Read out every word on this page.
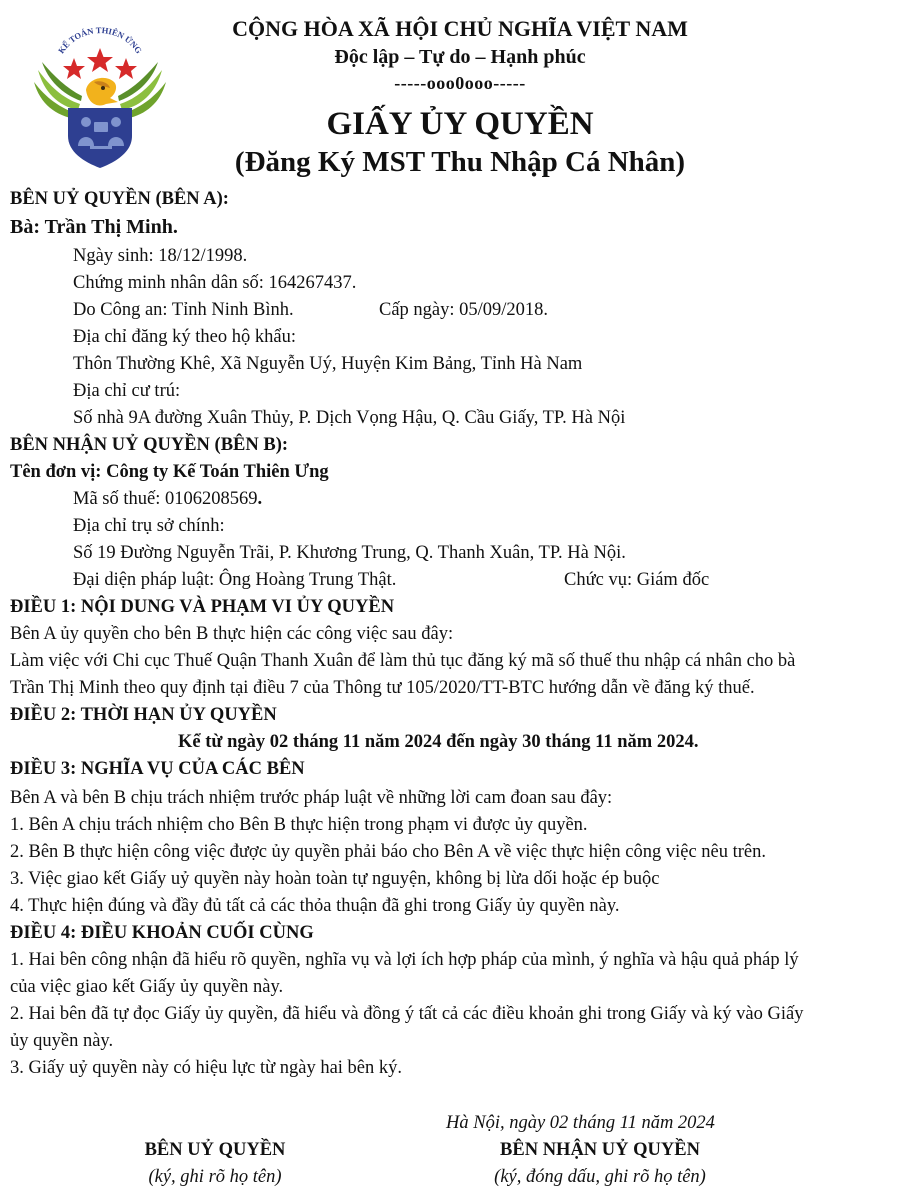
KẾ TOÁN THIÊN ỨNG
CỘNG HÒA XÃ HỘI CHỦ NGHĨA VIỆT NAM
Độc lập – Tự do – Hạnh phúc
-----ooo0ooo-----
GIẤY ỦY QUYỀN
(Đăng Ký MST Thu Nhập Cá Nhân)
BÊN UỶ QUYỀN (BÊN A):
Bà: Trần Thị Minh.
Ngày sinh: 18/12/1998.
Chứng minh nhân dân số: 164267437.
Do Công an: Tỉnh Ninh Bình.	Cấp ngày: 05/09/2018.
Địa chỉ đăng ký theo hộ khẩu:
Thôn Thường Khê, Xã Nguyễn Uý, Huyện Kim Bảng, Tỉnh Hà Nam
Địa chỉ cư trú:
Số nhà 9A đường Xuân Thủy, P. Dịch Vọng Hậu, Q. Cầu Giấy, TP. Hà Nội
BÊN NHẬN UỶ QUYỀN (BÊN B):
Tên đơn vị: Công ty Kế Toán Thiên Ưng
Mã số thuế: 0106208569.
Địa chỉ trụ sở chính:
Số 19 Đường Nguyễn Trãi, P. Khương Trung, Q. Thanh Xuân, TP. Hà Nội.
Đại diện pháp luật: Ông Hoàng Trung Thật.	Chức vụ: Giám đốc
ĐIỀU 1: NỘI DUNG VÀ PHẠM VI ỦY QUYỀN
Bên A ủy quyền cho bên B thực hiện các công việc sau đây:
Làm việc với Chi cục Thuế Quận Thanh Xuân để làm thủ tục đăng ký mã số thuế thu nhập cá nhân cho bà
Trần Thị Minh theo quy định tại điều 7 của Thông tư 105/2020/TT-BTC hướng dẫn về đăng ký thuế.
ĐIỀU 2: THỜI HẠN ỦY QUYỀN
Kể từ ngày 02 tháng 11 năm 2024 đến ngày 30 tháng 11 năm 2024.
ĐIỀU 3: NGHĨA VỤ CỦA CÁC BÊN
Bên A và bên B chịu trách nhiệm trước pháp luật về những lời cam đoan sau đây:
1. Bên A chịu trách nhiệm cho Bên B thực hiện trong phạm vi được ủy quyền.
2. Bên B thực hiện công việc được ủy quyền phải báo cho Bên A về việc thực hiện công việc nêu trên.
3. Việc giao kết Giấy uỷ quyền này hoàn toàn tự nguyện, không bị lừa dối hoặc ép buộc
4. Thực hiện đúng và đầy đủ tất cả các thỏa thuận đã ghi trong Giấy ủy quyền này.
ĐIỀU 4: ĐIỀU KHOẢN CUỐI CÙNG
1. Hai bên công nhận đã hiểu rõ quyền, nghĩa vụ và lợi ích hợp pháp của mình, ý nghĩa và hậu quả pháp lý
của việc giao kết Giấy ủy quyền này.
2. Hai bên đã tự đọc Giấy ủy quyền, đã hiểu và đồng ý tất cả các điều khoản ghi trong Giấy và ký vào Giấy
ủy quyền này.
3. Giấy uỷ quyền này có hiệu lực từ ngày hai bên ký.
Hà Nội, ngày 02 tháng 11 năm 2024
BÊN UỶ QUYỀN
(ký, ghi rõ họ tên)
BÊN NHẬN UỶ QUYỀN
(ký, đóng dấu, ghi rõ họ tên)
